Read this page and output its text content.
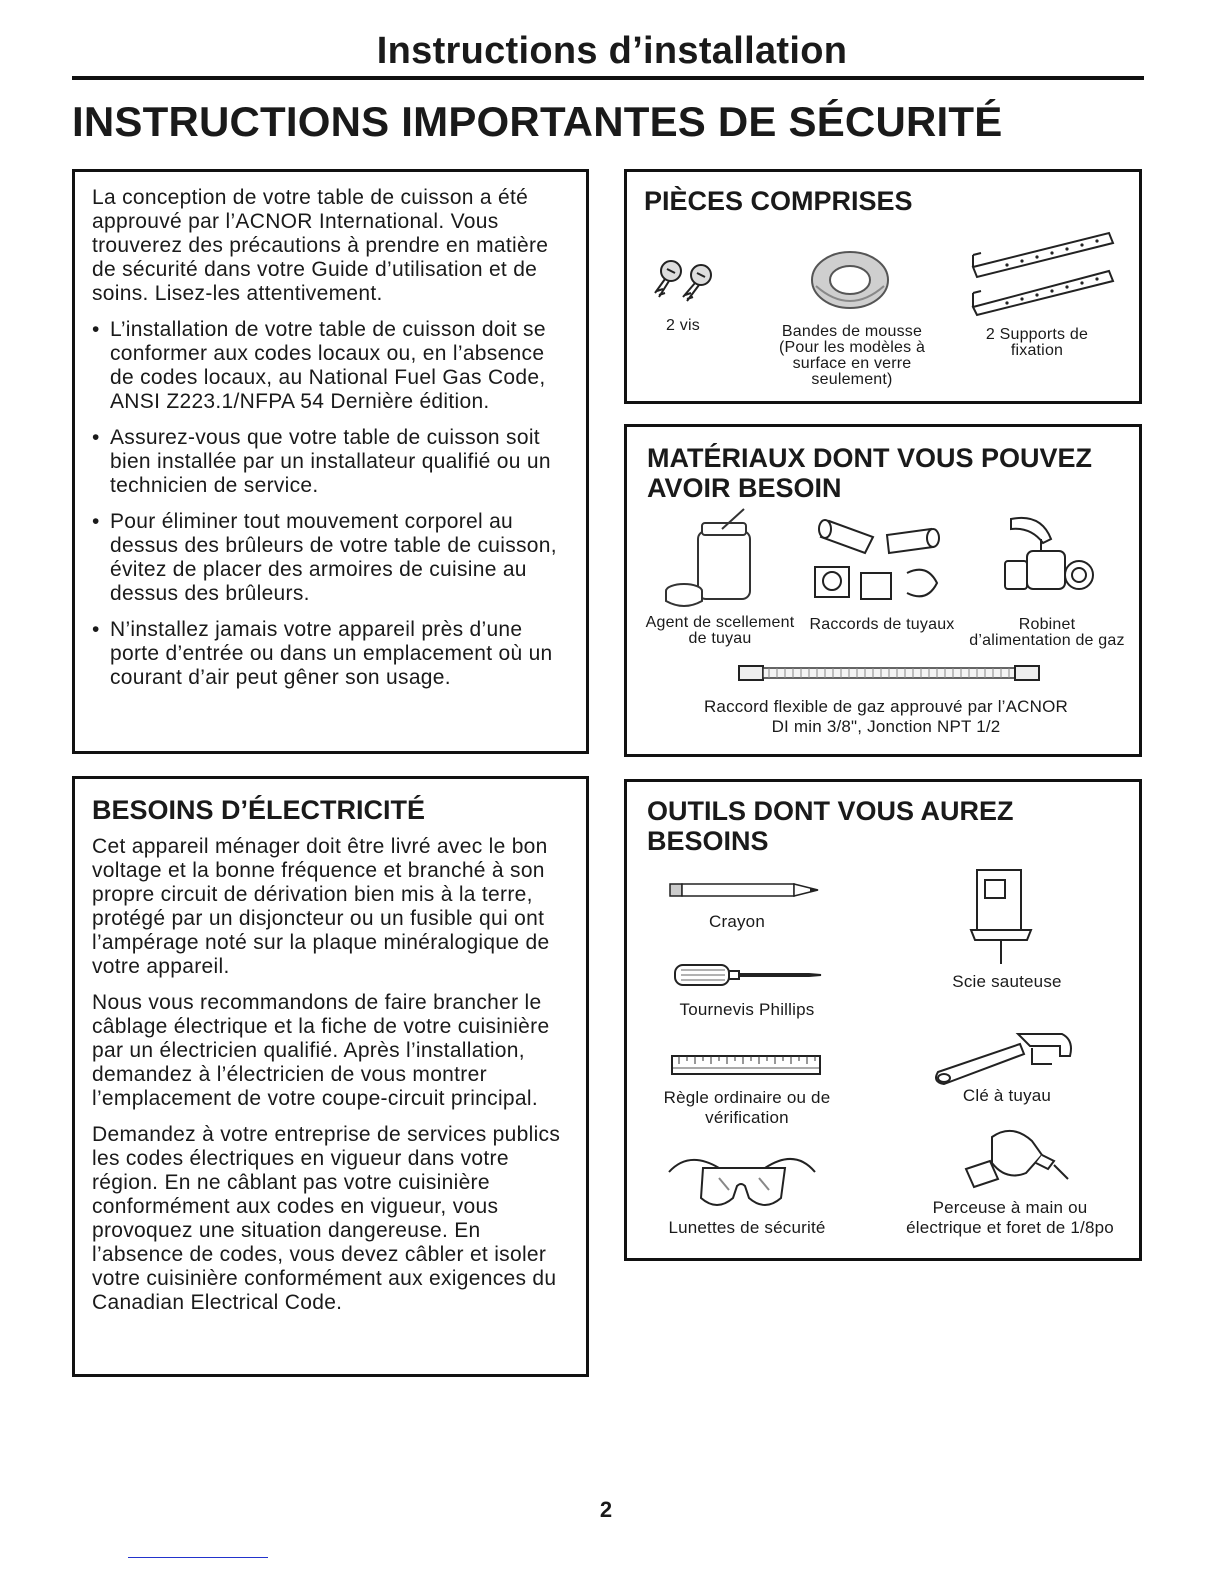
Instructions d’installation
INSTRUCTIONS IMPORTANTES DE SÉCURITÉ

La conception de votre table de cuisson a été approuvé par l’ACNOR International. Vous trouverez des précautions à prendre en matière de sécurité dans votre Guide d’utilisation et de soins. Lisez-les attentivement.

• L’installation de votre table de cuisson doit se conformer aux codes locaux ou, en l’absence de codes locaux, au National Fuel Gas Code, ANSI Z223.1/NFPA 54 Dernière édition.
• Assurez-vous que votre table de cuisson soit bien installée par un installateur qualifié ou un technicien de service.
• Pour éliminer tout mouvement corporel au dessus des brûleurs de votre table de cuisson, évitez de placer des armoires de cuisine au dessus des brûleurs.
• N’installez jamais votre appareil près d’une porte d’entrée ou dans un emplacement où un courant d’air peut gêner son usage.
BESOINS D’ÉLECTRICITÉ

Cet appareil ménager doit être livré avec le bon voltage et la bonne fréquence et branché à son propre circuit de dérivation bien mis à la terre, protégé par un disjoncteur ou un fusible qui ont l’ampérage noté sur la plaque minéralogique de votre appareil.

Nous vous recommandons de faire brancher le câblage électrique et la fiche de votre cuisinière par un électricien qualifié. Après l’installation, demandez à l’électricien de vous montrer l’emplacement de votre coupe-circuit principal.

Demandez à votre entreprise de services publics les codes électriques en vigueur dans votre région. En ne câblant pas votre cuisinière conformément aux codes en vigueur, vous provoquez une situation dangereuse. En l’absence de codes, vous devez câbler et isoler votre cuisinière conformément aux exigences du Canadian Electrical Code.

PIÈCES COMPRISES
2 vis	Bandes de mousse
(Pour les modèles à
surface en verre
seulement)
2 Supports de
fixation
MATÉRIAUX DONT VOUS POUVEZ
AVOIR BESOIN
Agent de scellement
de tuyau
Raccords de tuyaux	Robinet
d’alimentation de gaz
Raccord flexible de gaz approuvé par l’ACNOR
DI min 3/8", Jonction NPT 1/2
OUTILS DONT VOUS AUREZ
BESOINS
Crayon
Tournevis Phillips
Règle ordinaire ou de
vérification
Lunettes de sécurité
Scie sauteuse
Clé à tuyau
Perceuse à main ou
électrique et foret de 1/8po
2
